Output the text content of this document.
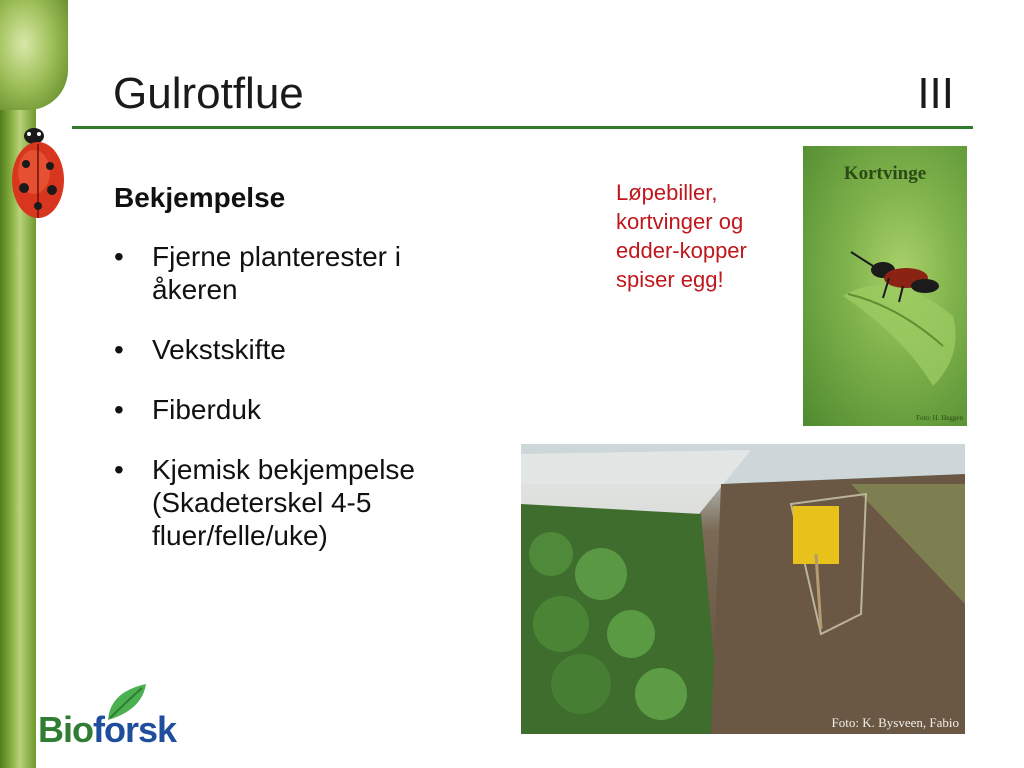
Gulrotflue	III
Bekjempelse
• Fjerne planterester i åkeren
• Vekstskifte
• Fiberduk
• Kjemisk bekjempelse (Skadeterskel 4-5 fluer/felle/uke)
Løpebiller, kortvinger og edder-kopper spiser egg!
Kortvinge
Foto: H. Heggen
Foto: K. Bysveen, Fabio
Bioforsk
